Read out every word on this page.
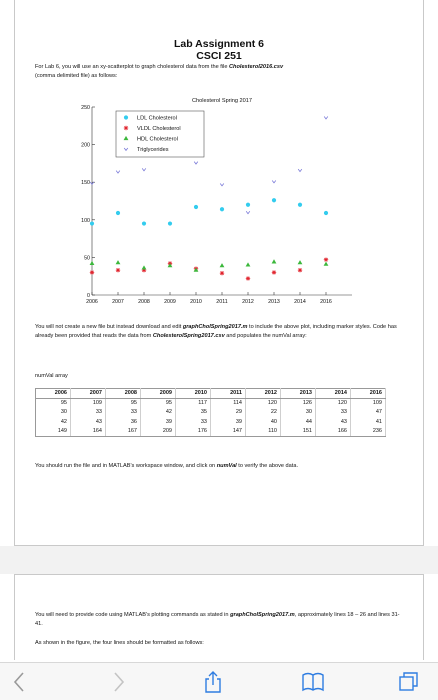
Lab Assignment 6
CSCI 251
For Lab 6, you will use an xy-scatterplot to graph cholesterol data from the file Cholesterol2016.csv
(comma delimited file) as follows:
Cholesterol Spring 2017
0
50
100
150
200
250
2006	2007	2008	2009	2010	2011	2012	2013	2014	2016
LDL Cholesterol
VLDL Cholesterol
HDL Cholesterol
Triglycerides
You will not create a new file but instead download and edit graphCholSpring2017.m to include the above plot, including marker styles. Code has already been provided that reads the data from CholesterolSpring2017.csv and populates the numVal array:
numVal array
2006	2007	2008	2009	2010	2011	2012	2013	2014	2016
95	109	95	95	117	114	120	126	120	109
30	33	33	42	35	29	22	30	33	47
42	43	36	39	33	39	40	44	43	41
149	164	167	209	176	147	110	151	166	236
You should run the file and in MATLAB's workspace window, and click on numVal to verify the above data.
You will need to provide code using MATLAB's plotting commands as stated in graphCholSpring2017.m, approximately lines 18 – 26 and lines 31-41.
As shown in the figure, the four lines should be formatted as follows:
